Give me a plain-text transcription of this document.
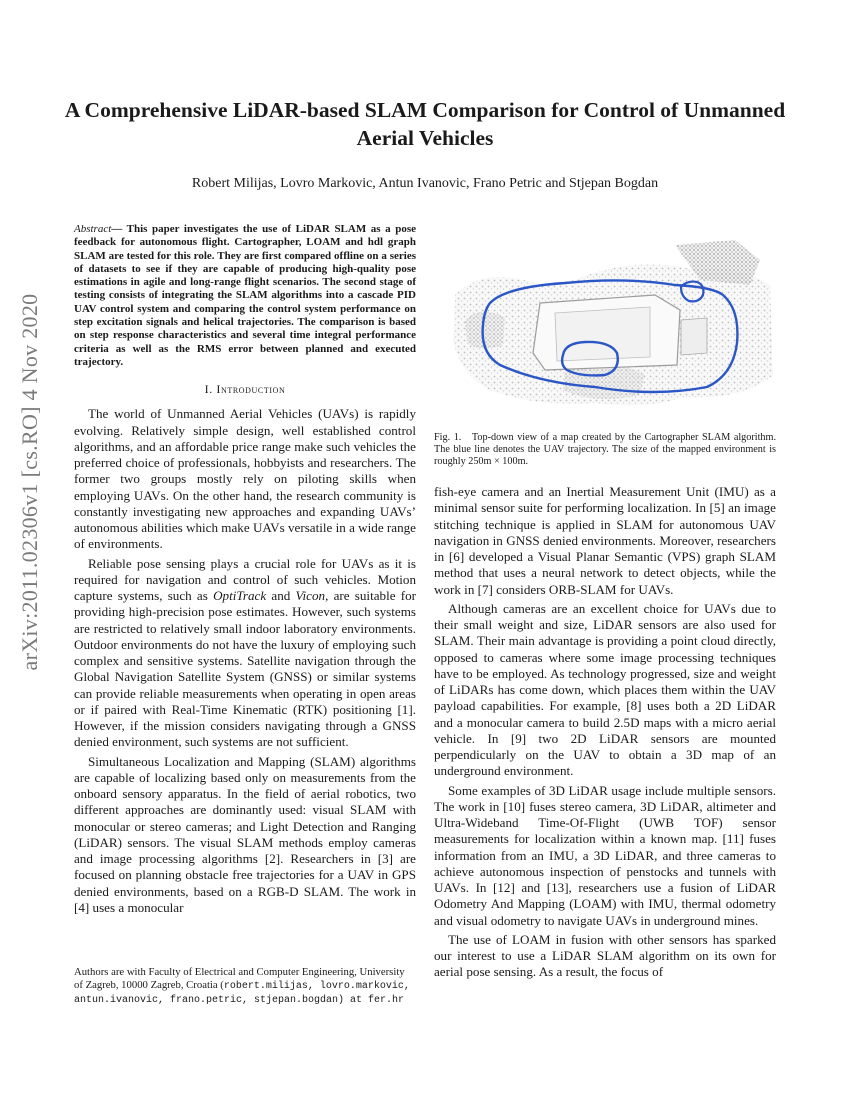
arXiv:2011.02306v1 [cs.RO] 4 Nov 2020
A Comprehensive LiDAR-based SLAM Comparison for Control of Unmanned Aerial Vehicles
Robert Milijas, Lovro Markovic, Antun Ivanovic, Frano Petric and Stjepan Bogdan

Abstract— This paper investigates the use of LiDAR SLAM as a pose feedback for autonomous flight. Cartographer, LOAM and hdl graph SLAM are tested for this role. They are first compared offline on a series of datasets to see if they are capable of producing high-quality pose estimations in agile and long-range flight scenarios. The second stage of testing consists of integrating the SLAM algorithms into a cascade PID UAV control system and comparing the control system performance on step excitation signals and helical trajectories. The comparison is based on step response characteristics and several time integral performance criteria as well as the RMS error between planned and executed trajectory.

I. Introduction

The world of Unmanned Aerial Vehicles (UAVs) is rapidly evolving. Relatively simple design, well established control algorithms, and an affordable price range make such vehicles the preferred choice of professionals, hobbyists and researchers. The former two groups mostly rely on piloting skills when employing UAVs. On the other hand, the research community is constantly investigating new approaches and expanding UAVs’ autonomous abilities which make UAVs versatile in a wide range of environments.

Reliable pose sensing plays a crucial role for UAVs as it is required for navigation and control of such vehicles. Motion capture systems, such as OptiTrack and Vicon, are suitable for providing high-precision pose estimates. However, such systems are restricted to relatively small indoor laboratory environments. Outdoor environments do not have the luxury of employing such complex and sensitive systems. Satellite navigation through the Global Navigation Satellite System (GNSS) or similar systems can provide reliable measurements when operating in open areas or if paired with Real-Time Kinematic (RTK) positioning [1]. However, if the mission considers navigating through a GNSS denied environment, such systems are not sufficient.

Simultaneous Localization and Mapping (SLAM) algorithms are capable of localizing based only on measurements from the onboard sensory apparatus. In the field of aerial robotics, two different approaches are dominantly used: visual SLAM with monocular or stereo cameras; and Light Detection and Ranging (LiDAR) sensors. The visual SLAM methods employ cameras and image processing algorithms [2]. Researchers in [3] are focused on planning obstacle free trajectories for a UAV in GPS denied environments, based on a RGB-D SLAM. The work in [4] uses a monocular

Authors are with Faculty of Electrical and Computer Engineering, University of Zagreb, 10000 Zagreb, Croatia (robert.milijas, lovro.markovic, antun.ivanovic, frano.petric, stjepan.bogdan) at fer.hr
Fig. 1. Top-down view of a map created by the Cartographer SLAM algorithm. The blue line denotes the UAV trajectory. The size of the mapped environment is roughly 250m × 100m.

fish-eye camera and an Inertial Measurement Unit (IMU) as a minimal sensor suite for performing localization. In [5] an image stitching technique is applied in SLAM for autonomous UAV navigation in GNSS denied environments. Moreover, researchers in [6] developed a Visual Planar Semantic (VPS) graph SLAM method that uses a neural network to detect objects, while the work in [7] considers ORB-SLAM for UAVs.

Although cameras are an excellent choice for UAVs due to their small weight and size, LiDAR sensors are also used for SLAM. Their main advantage is providing a point cloud directly, opposed to cameras where some image processing techniques have to be employed. As technology progressed, size and weight of LiDARs has come down, which places them within the UAV payload capabilities. For example, [8] uses both a 2D LiDAR and a monocular camera to build 2.5D maps with a micro aerial vehicle. In [9] two 2D LiDAR sensors are mounted perpendicularly on the UAV to obtain a 3D map of an underground environment.

Some examples of 3D LiDAR usage include multiple sensors. The work in [10] fuses stereo camera, 3D LiDAR, altimeter and Ultra-Wideband Time-Of-Flight (UWB TOF) sensor measurements for localization within a known map. [11] fuses information from an IMU, a 3D LiDAR, and three cameras to achieve autonomous inspection of penstocks and tunnels with UAVs. In [12] and [13], researchers use a fusion of LiDAR Odometry And Mapping (LOAM) with IMU, thermal odometry and visual odometry to navigate UAVs in underground mines.

The use of LOAM in fusion with other sensors has sparked our interest to use a LiDAR SLAM algorithm on its own for aerial pose sensing. As a result, the focus of
